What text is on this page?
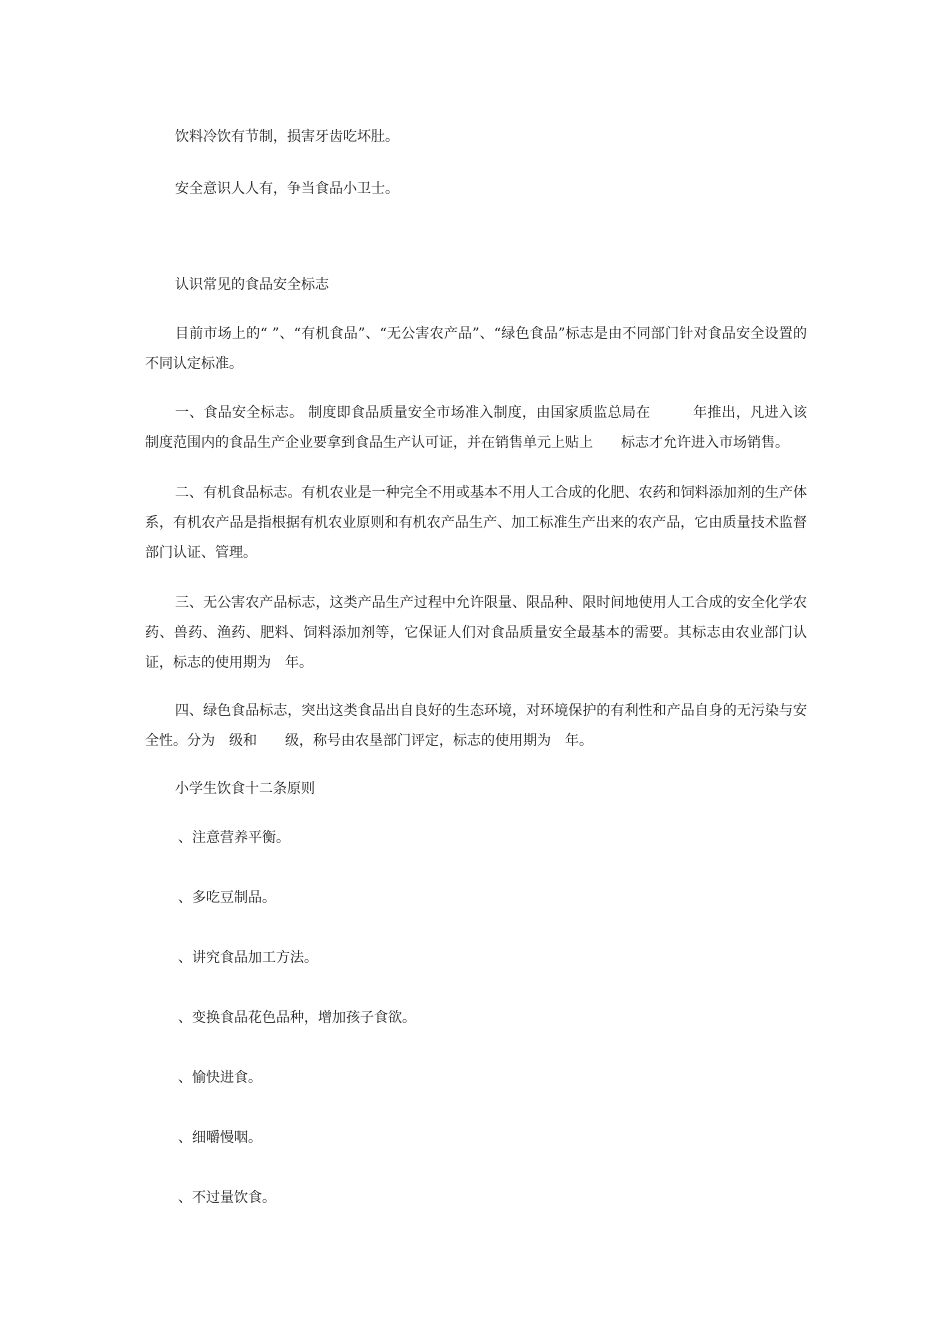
饮料冷饮有节制，损害牙齿吃坏肚。
安全意识人人有，争当食品小卫士。
认识常见的食品安全标志
目前市场上的“ ”、“有机食品”、“无公害农产品”、“绿色食品”标志是由不同部门针对食品安全设置的不同认定标准。
一、食品安全标志。 制度即食品质量安全市场准入制度，由国家质监总局在　　　年推出，凡进入该制度范围内的食品生产企业要拿到食品生产认可证，并在销售单元上贴上　　标志才允许进入市场销售。
二、有机食品标志。有机农业是一种完全不用或基本不用人工合成的化肥、农药和饲料添加剂的生产体系，有机农产品是指根据有机农业原则和有机农产品生产、加工标准生产出来的农产品，它由质量技术监督部门认证、管理。
三、无公害农产品标志，这类产品生产过程中允许限量、限品种、限时间地使用人工合成的安全化学农药、兽药、渔药、肥料、饲料添加剂等，它保证人们对食品质量安全最基本的需要。其标志由农业部门认证，标志的使用期为　年。
四、绿色食品标志，突出这类食品出自良好的生态环境，对环境保护的有利性和产品自身的无污染与安全性。分为　级和　　级，称号由农垦部门评定，标志的使用期为　年。
小学生饮食十二条原则
、注意营养平衡。
、多吃豆制品。
、讲究食品加工方法。
、变换食品花色品种，增加孩子食欲。
、愉快进食。
、细嚼慢咽。
、不过量饮食。
